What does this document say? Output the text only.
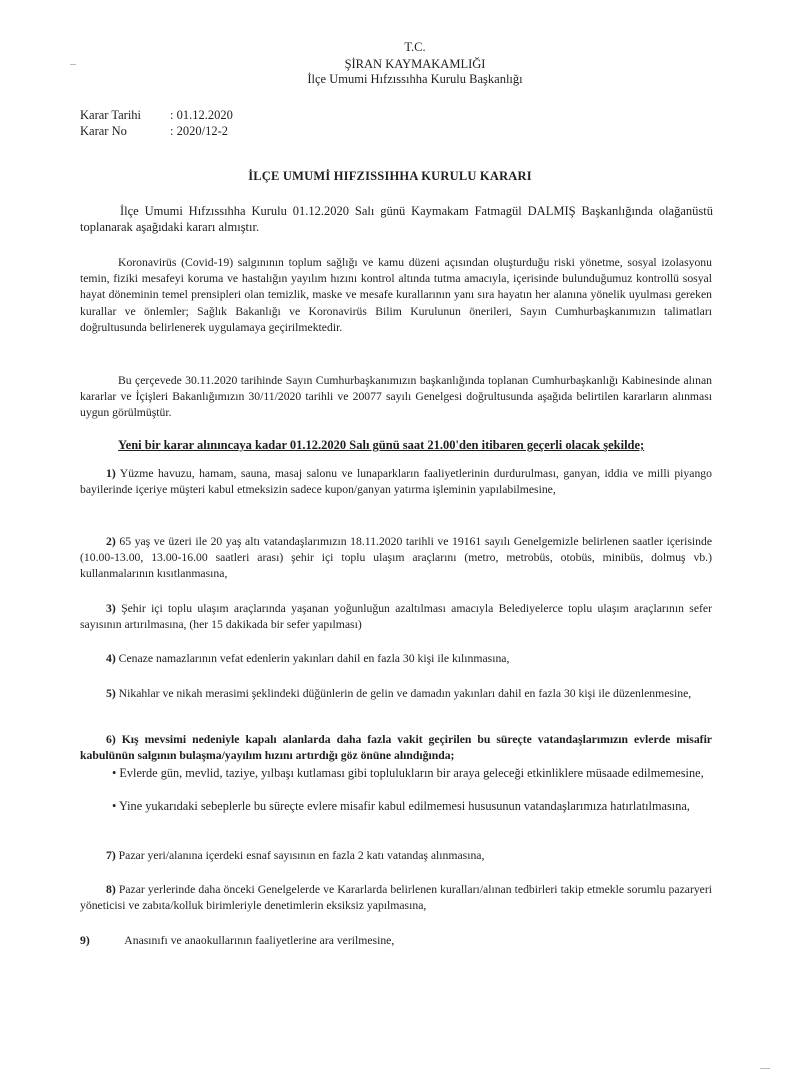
T.C.
ŞİRAN KAYMAKAMLIĞI
İlçe Umumi Hıfzıssıhha Kurulu Başkanlığı
Karar Tarihi	: 01.12.2020
Karar No	: 2020/12-2
İLÇE UMUMİ HIFZISSIHHA KURULU KARARI
İlçe Umumi Hıfzıssıhha Kurulu 01.12.2020 Salı günü Kaymakam Fatmagül DALMIŞ Başkanlığında olağanüstü toplanarak aşağıdaki kararı almıştır.
Koronavirüs (Covid-19) salgınının toplum sağlığı ve kamu düzeni açısından oluşturduğu riski yönetme, sosyal izolasyonu temin, fiziki mesafeyi koruma ve hastalığın yayılım hızını kontrol altında tutma amacıyla, içerisinde bulunduğumuz kontrollü sosyal hayat döneminin temel prensipleri olan temizlik, maske ve mesafe kurallarının yanı sıra hayatın her alanına yönelik uyulması gereken kurallar ve önlemler; Sağlık Bakanlığı ve Koronavirüs Bilim Kurulunun önerileri, Sayın Cumhurbaşkanımızın talimatları doğrultusunda belirlenerek uygulamaya geçirilmektedir.
Bu çerçevede 30.11.2020 tarihinde Sayın Cumhurbaşkanımızın başkanlığında toplanan Cumhurbaşkanlığı Kabinesinde alınan kararlar ve İçişleri Bakanlığımızın 30/11/2020 tarihli ve 20077 sayılı Genelgesi doğrultusunda aşağıda belirtilen kararların alınması uygun görülmüştür.
Yeni bir karar alınıncaya kadar 01.12.2020 Salı günü saat 21.00'den itibaren geçerli olacak şekilde;
1) Yüzme havuzu, hamam, sauna, masaj salonu ve lunaparkların faaliyetlerinin durdurulması, ganyan, iddia ve milli piyango bayilerinde içeriye müşteri kabul etmeksizin sadece kupon/ganyan yatırma işleminin yapılabilmesine,
2) 65 yaş ve üzeri ile 20 yaş altı vatandaşlarımızın 18.11.2020 tarihli ve 19161 sayılı Genelgemizle belirlenen saatler içerisinde (10.00-13.00, 13.00-16.00 saatleri arası) şehir içi toplu ulaşım araçlarını (metro, metrobüs, otobüs, minibüs, dolmuş vb.) kullanmalarının kısıtlanmasına,
3) Şehir içi toplu ulaşım araçlarında yaşanan yoğunluğun azaltılması amacıyla Belediyelerce toplu ulaşım araçlarının sefer sayısının artırılmasına, (her 15 dakikada bir sefer yapılması)
4) Cenaze namazlarının vefat edenlerin yakınları dahil en fazla 30 kişi ile kılınmasına,
5) Nikahlar ve nikah merasimi şeklindeki düğünlerin de gelin ve damadın yakınları dahil en fazla 30 kişi ile düzenlenmesine,
6) Kış mevsimi nedeniyle kapalı alanlarda daha fazla vakit geçirilen bu süreçte vatandaşlarımızın evlerde misafir kabulünün salgının bulaşma/yayılım hızını artırdığı göz önüne alındığında;
• Evlerde gün, mevlid, taziye, yılbaşı kutlaması gibi toplulukların bir araya geleceği etkinliklere müsaade edilmemesine,
• Yine yukarıdaki sebeplerle bu süreçte evlere misafir kabul edilmemesi hususunun vatandaşlarımıza hatırlatılmasına,
7) Pazar yeri/alanına içerdeki esnaf sayısının en fazla 2 katı vatandaş alınmasına,
8) Pazar yerlerinde daha önceki Genelgelerde ve Kararlarda belirlenen kuralları/alınan tedbirleri takip etmekle sorumlu pazaryeri yöneticisi ve zabıta/kolluk birimleriyle denetimlerin eksiksiz yapılmasına,
9)	Anasınıfı ve anaokullarının faaliyetlerine ara verilmesine,
